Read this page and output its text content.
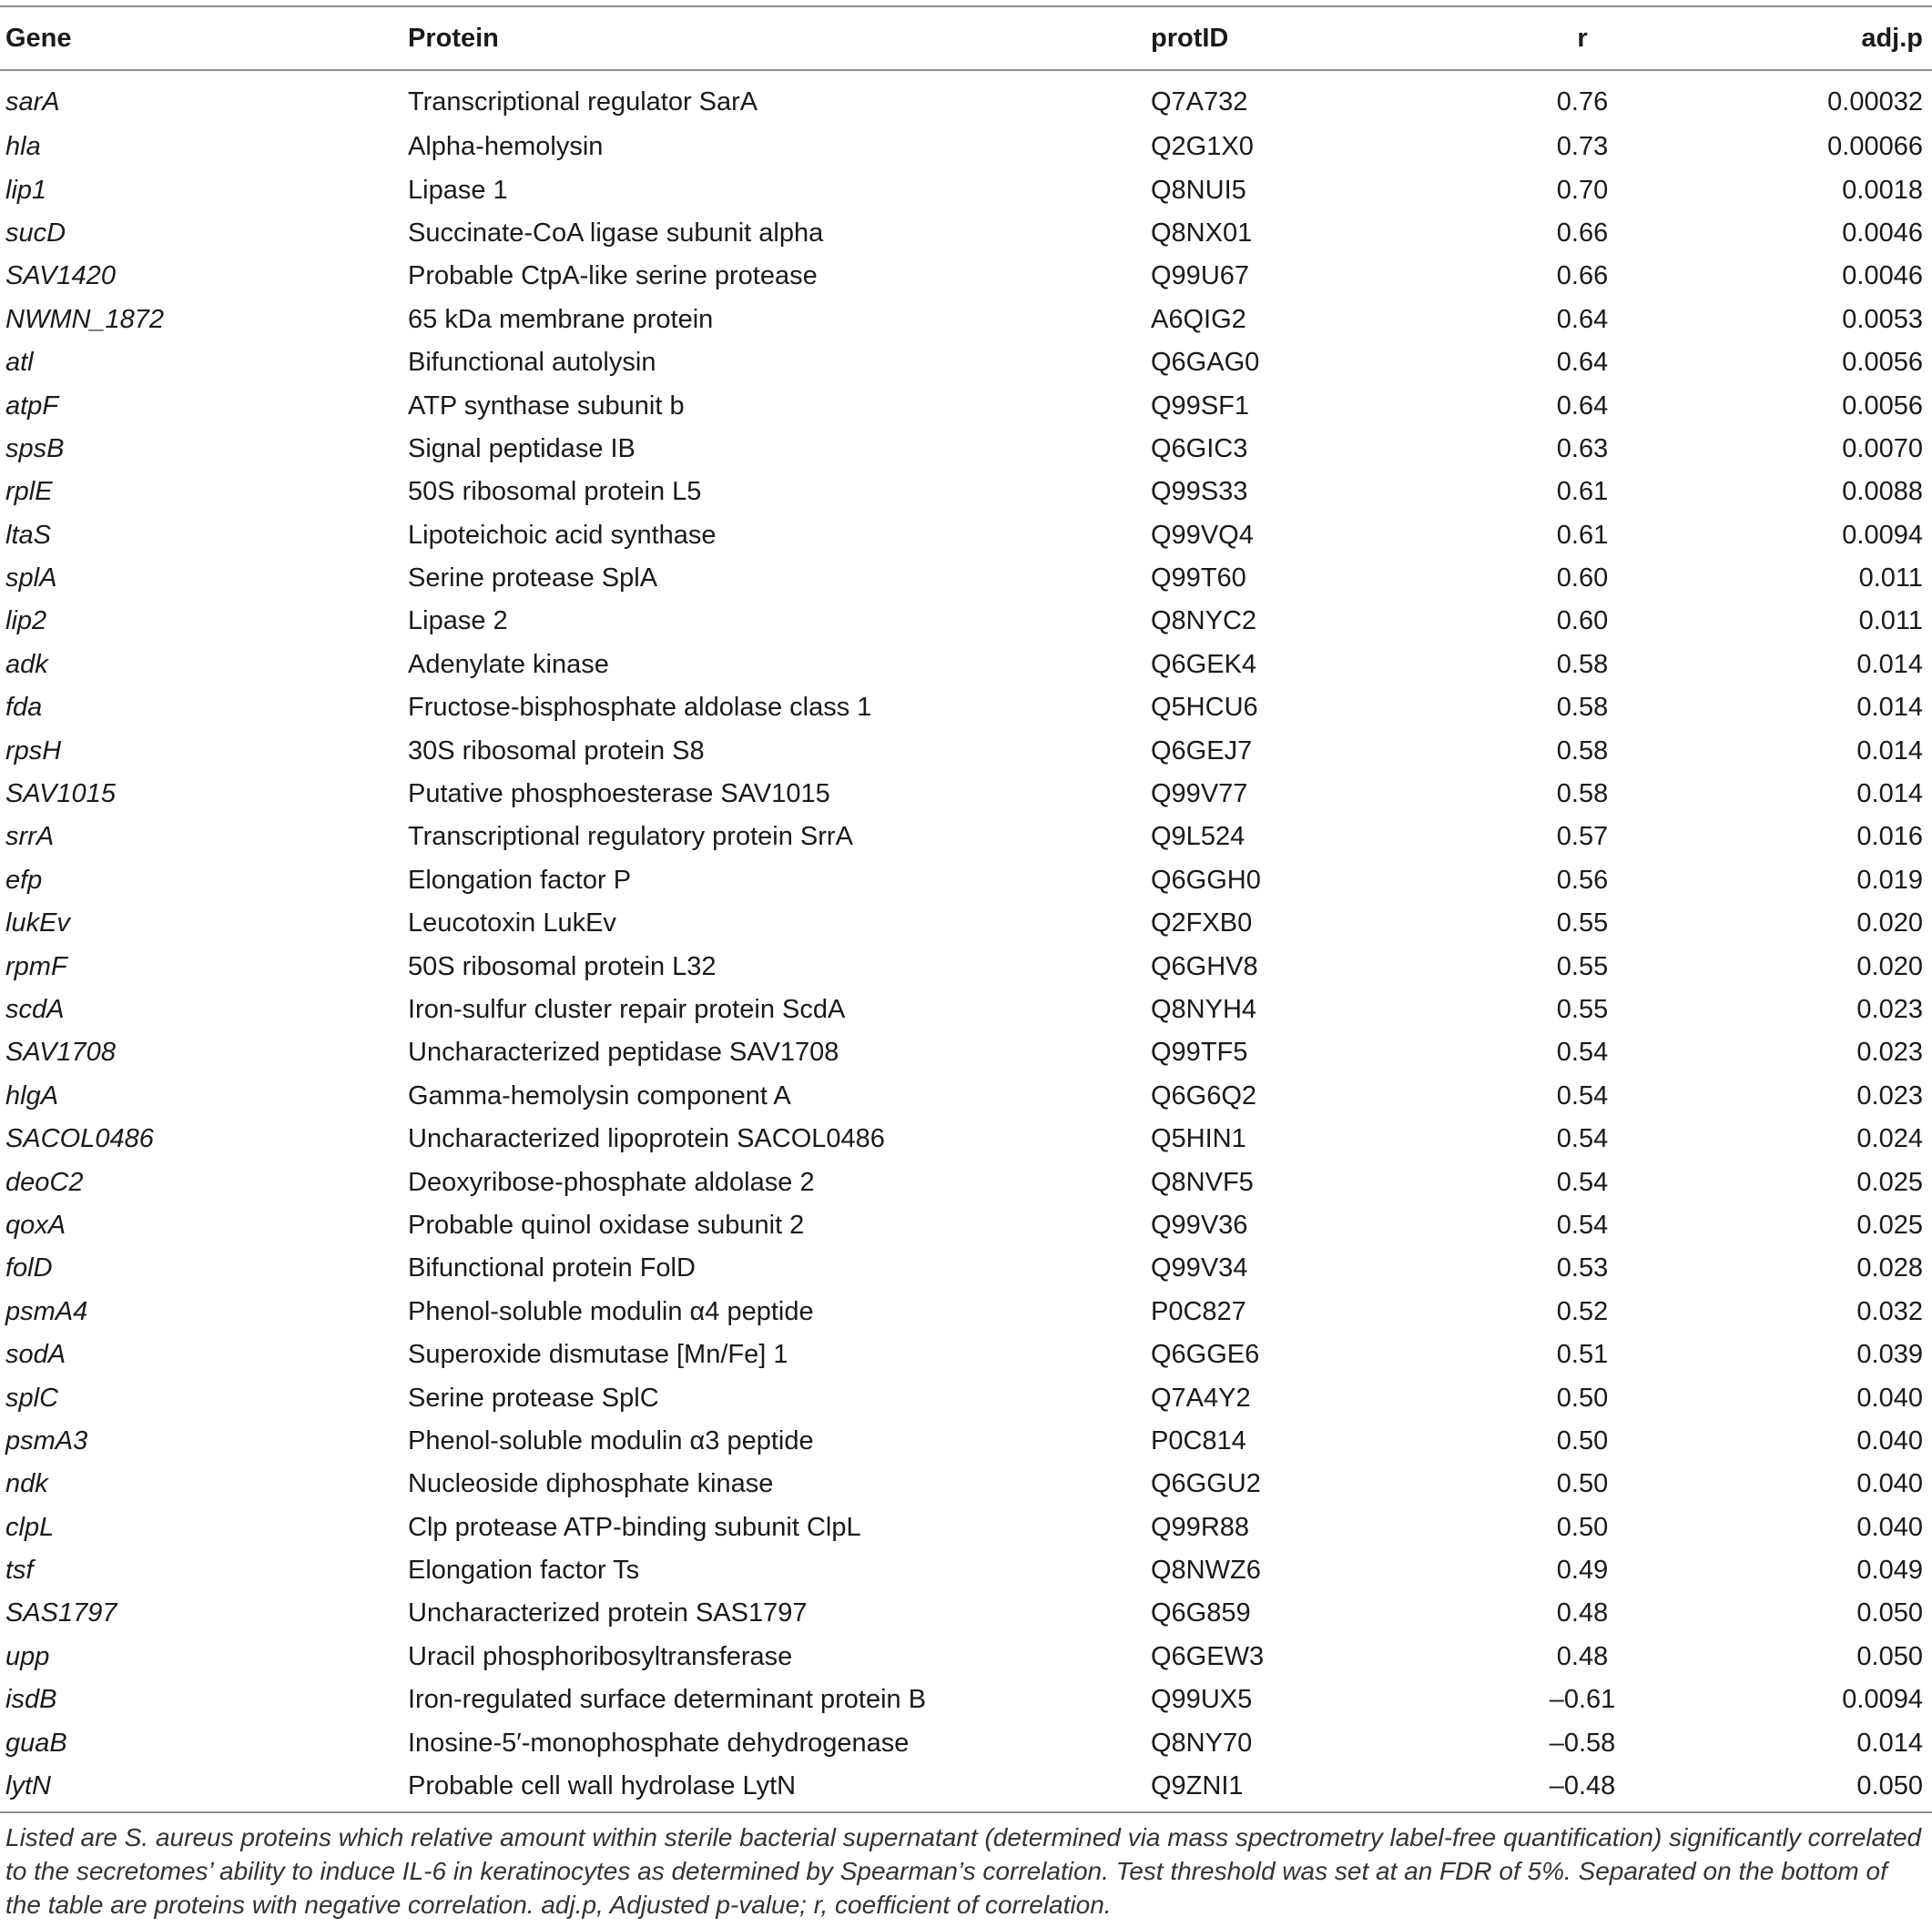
Gene	Protein	protID	r	adj.p
sarA	Transcriptional regulator SarA	Q7A732	0.76	0.00032
hla	Alpha-hemolysin	Q2G1X0	0.73	0.00066
lip1	Lipase 1	Q8NUI5	0.70	0.0018
sucD	Succinate-CoA ligase subunit alpha	Q8NX01	0.66	0.0046
SAV1420	Probable CtpA-like serine protease	Q99U67	0.66	0.0046
NWMN_1872	65 kDa membrane protein	A6QIG2	0.64	0.0053
atl	Bifunctional autolysin	Q6GAG0	0.64	0.0056
atpF	ATP synthase subunit b	Q99SF1	0.64	0.0056
spsB	Signal peptidase IB	Q6GIC3	0.63	0.0070
rplE	50S ribosomal protein L5	Q99S33	0.61	0.0088
ltaS	Lipoteichoic acid synthase	Q99VQ4	0.61	0.0094
splA	Serine protease SplA	Q99T60	0.60	0.011
lip2	Lipase 2	Q8NYC2	0.60	0.011
adk	Adenylate kinase	Q6GEK4	0.58	0.014
fda	Fructose-bisphosphate aldolase class 1	Q5HCU6	0.58	0.014
rpsH	30S ribosomal protein S8	Q6GEJ7	0.58	0.014
SAV1015	Putative phosphoesterase SAV1015	Q99V77	0.58	0.014
srrA	Transcriptional regulatory protein SrrA	Q9L524	0.57	0.016
efp	Elongation factor P	Q6GGH0	0.56	0.019
lukEv	Leucotoxin LukEv	Q2FXB0	0.55	0.020
rpmF	50S ribosomal protein L32	Q6GHV8	0.55	0.020
scdA	Iron-sulfur cluster repair protein ScdA	Q8NYH4	0.55	0.023
SAV1708	Uncharacterized peptidase SAV1708	Q99TF5	0.54	0.023
hlgA	Gamma-hemolysin component A	Q6G6Q2	0.54	0.023
SACOL0486	Uncharacterized lipoprotein SACOL0486	Q5HIN1	0.54	0.024
deoC2	Deoxyribose-phosphate aldolase 2	Q8NVF5	0.54	0.025
qoxA	Probable quinol oxidase subunit 2	Q99V36	0.54	0.025
folD	Bifunctional protein FolD	Q99V34	0.53	0.028
psmA4	Phenol-soluble modulin α4 peptide	P0C827	0.52	0.032
sodA	Superoxide dismutase [Mn/Fe] 1	Q6GGE6	0.51	0.039
splC	Serine protease SplC	Q7A4Y2	0.50	0.040
psmA3	Phenol-soluble modulin α3 peptide	P0C814	0.50	0.040
ndk	Nucleoside diphosphate kinase	Q6GGU2	0.50	0.040
clpL	Clp protease ATP-binding subunit ClpL	Q99R88	0.50	0.040
tsf	Elongation factor Ts	Q8NWZ6	0.49	0.049
SAS1797	Uncharacterized protein SAS1797	Q6G859	0.48	0.050
upp	Uracil phosphoribosyltransferase	Q6GEW3	0.48	0.050
isdB	Iron-regulated surface determinant protein B	Q99UX5	–0.61	0.0094
guaB	Inosine-5′-monophosphate dehydrogenase	Q8NY70	–0.58	0.014
lytN	Probable cell wall hydrolase LytN	Q9ZNI1	–0.48	0.050
Listed are S. aureus proteins which relative amount within sterile bacterial supernatant (determined via mass spectrometry label-free quantification) significantly correlated to the secretomes’ ability to induce IL-6 in keratinocytes as determined by Spearman’s correlation. Test threshold was set at an FDR of 5%. Separated on the bottom of the table are proteins with negative correlation. adj.p, Adjusted p-value; r, coefficient of correlation.
